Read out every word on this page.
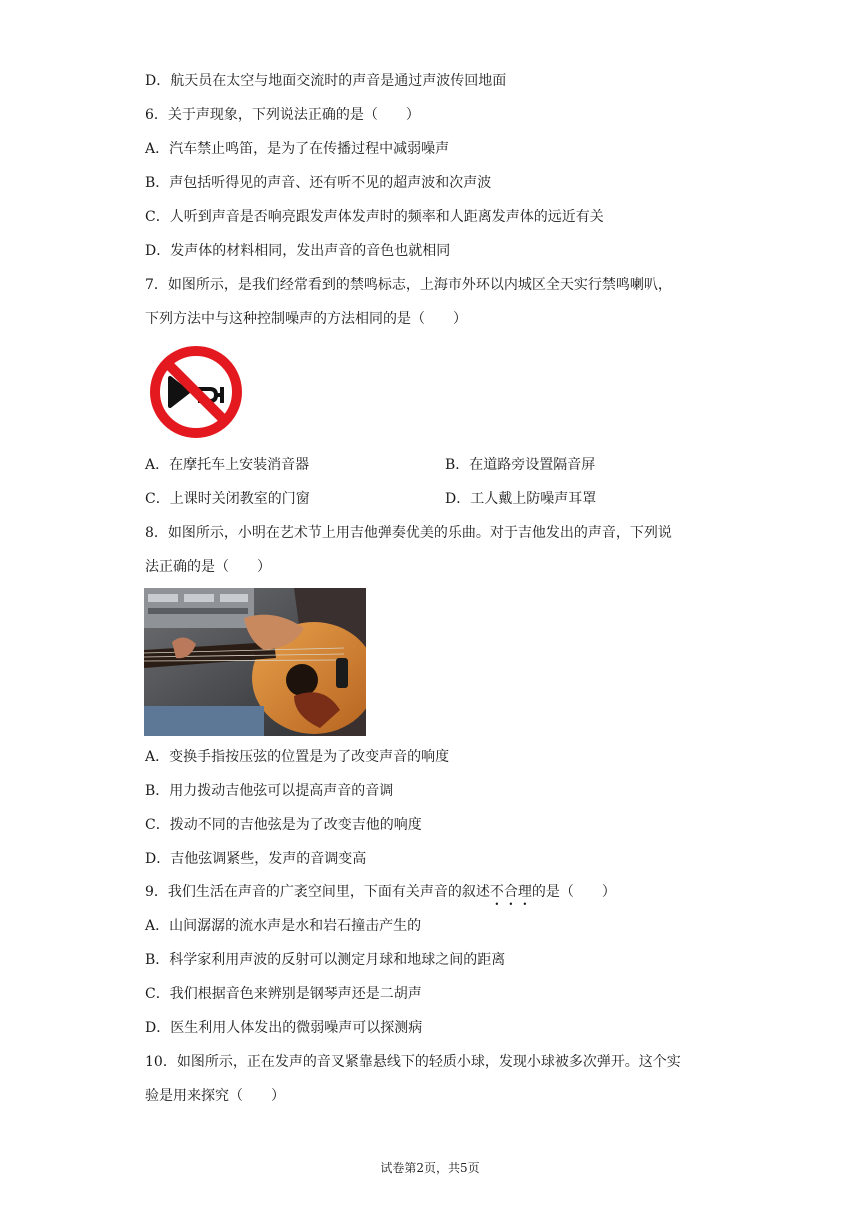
D．航天员在太空与地面交流时的声音是通过声波传回地面
6．关于声现象，下列说法正确的是（　　）
A．汽车禁止鸣笛，是为了在传播过程中减弱噪声
B．声包括听得见的声音、还有听不见的超声波和次声波
C．人听到声音是否响亮跟发声体发声时的频率和人距离发声体的远近有关
D．发声体的材料相同，发出声音的音色也就相同
7．如图所示，是我们经常看到的禁鸣标志，上海市外环以内城区全天实行禁鸣喇叭，
下列方法中与这种控制噪声的方法相同的是（　　）
A．在摩托车上安装消音器	B．在道路旁设置隔音屏
C．上课时关闭教室的门窗	D．工人戴上防噪声耳罩
8．如图所示，小明在艺术节上用吉他弹奏优美的乐曲。对于吉他发出的声音，下列说
法正确的是（　　）
A．变换手指按压弦的位置是为了改变声音的响度
B．用力拨动吉他弦可以提高声音的音调
C．拨动不同的吉他弦是为了改变吉他的响度
D．吉他弦调紧些，发声的音调变高
9．我们生活在声音的广袤空间里，下面有关声音的叙述不合理的是（　　）
A．山间潺潺的流水声是水和岩石撞击产生的
B．科学家利用声波的反射可以测定月球和地球之间的距离
C．我们根据音色来辨别是钢琴声还是二胡声
D．医生利用人体发出的微弱噪声可以探测病
10．如图所示，正在发声的音叉紧靠悬线下的轻质小球，发现小球被多次弹开。这个实
验是用来探究（　　）
试卷第2页，共5页
